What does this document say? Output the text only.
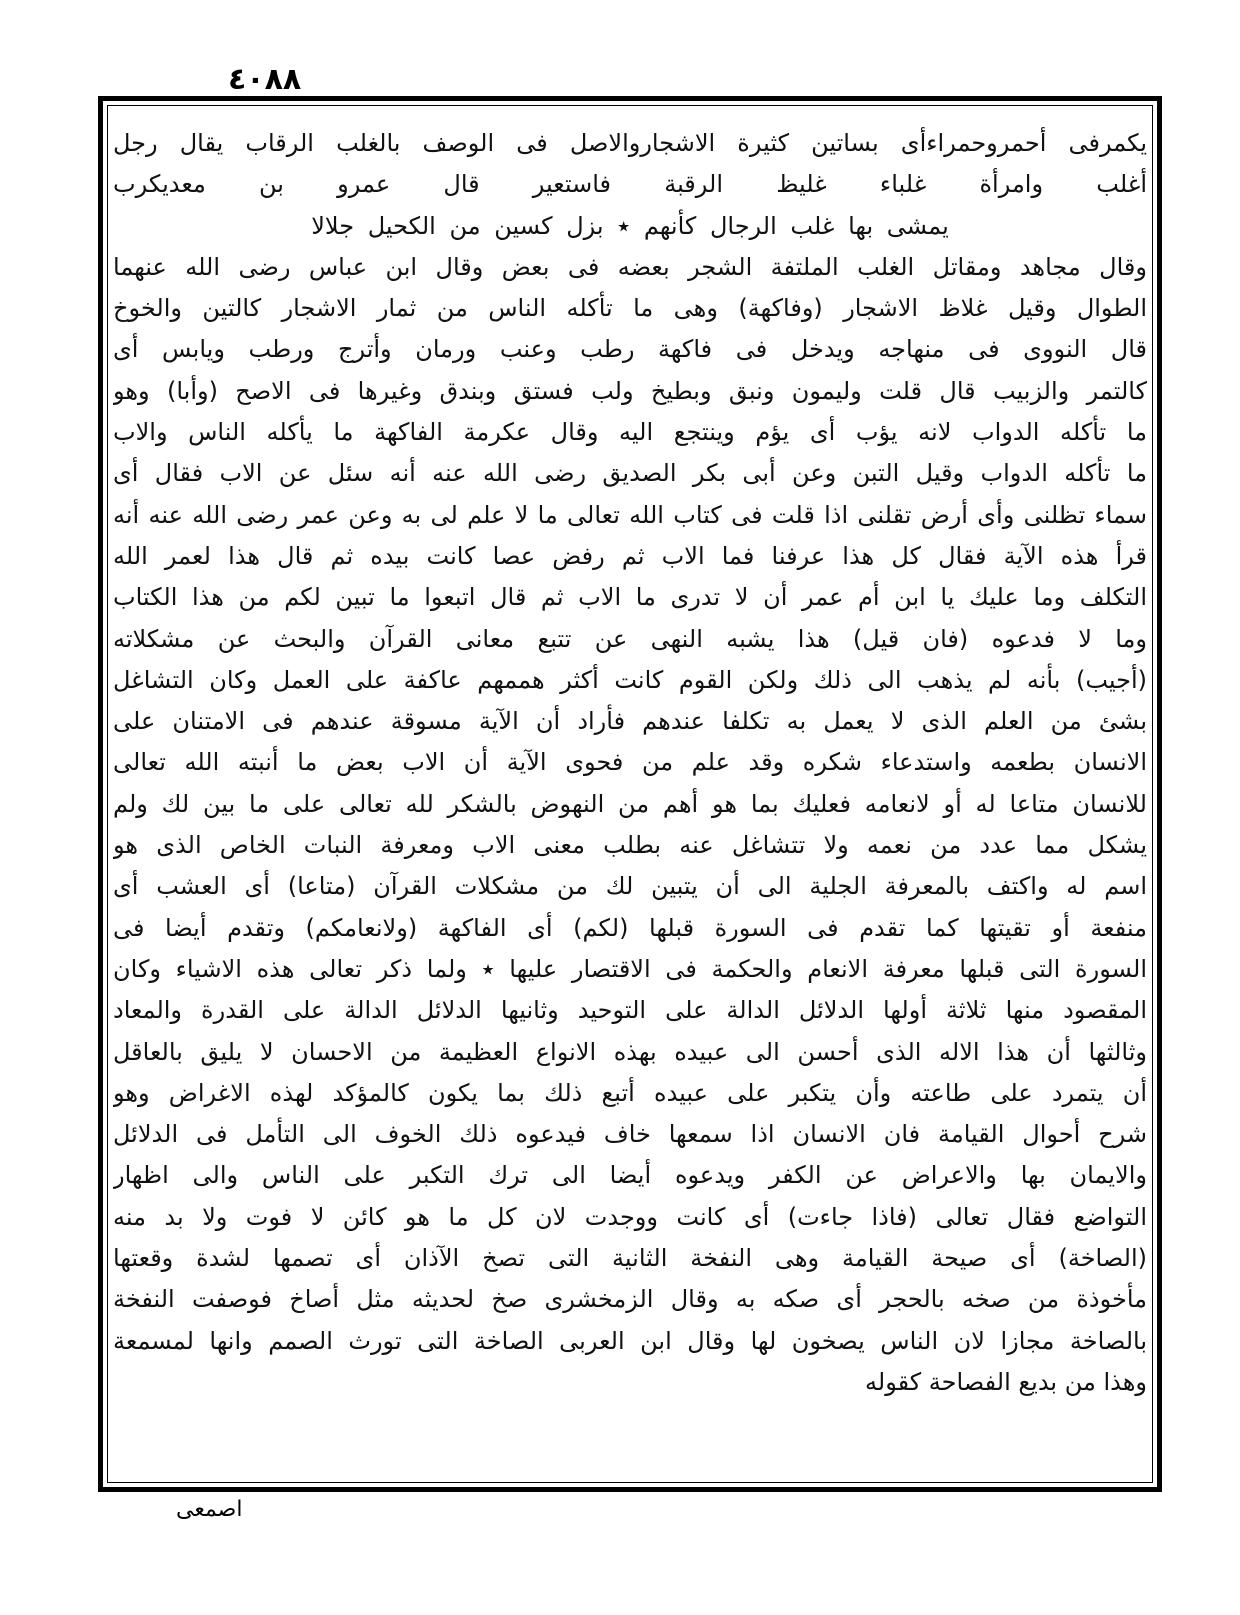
٤٠٨٨
يكمرفى أحمروحمراءأى بساتين كثيرة الاشجاروالاصل فى الوصف بالغلب الرقاب يقال رجل
أغلب وامرأة غلباء غليظ الرقبة فاستعير قال عمرو بن معديكرب
يمشى بها غلب الرجال كأنهم ٭ بزل كسين من الكحيل جلالا
وقال مجاهد ومقاتل الغلب الملتفة الشجر بعضه فى بعض وقال ابن عباس رضى الله عنهما
الطوال وقيل غلاظ الاشجار (وفاكهة) وهى ما تأكله الناس من ثمار الاشجار كالتين والخوخ
قال النووى فى منهاجه ويدخل فى فاكهة رطب وعنب ورمان وأترج ورطب ويابس أى
كالتمر والزبيب قال قلت وليمون ونبق وبطيخ ولب فستق وبندق وغيرها فى الاصح (وأبا) وهو
ما تأكله الدواب لانه يؤب أى يؤم وينتجع اليه وقال عكرمة الفاكهة ما يأكله الناس والاب
ما تأكله الدواب وقيل التبن وعن أبى بكر الصديق رضى الله عنه أنه سئل عن الاب فقال أى
سماء تظلنى وأى أرض تقلنى اذا قلت فى كتاب الله تعالى ما لا علم لى به وعن عمر رضى الله عنه أنه
قرأ هذه الآية فقال كل هذا عرفنا فما الاب ثم رفض عصا كانت بيده ثم قال هذا لعمر الله
التكلف وما عليك يا ابن أم عمر أن لا تدرى ما الاب ثم قال اتبعوا ما تبين لكم من هذا الكتاب
وما لا فدعوه (فان قيل) هذا يشبه النهى عن تتبع معانى القرآن والبحث عن مشكلاته
(أجيب) بأنه لم يذهب الى ذلك ولكن القوم كانت أكثر هممهم عاكفة على العمل وكان التشاغل
بشئ من العلم الذى لا يعمل به تكلفا عندهم فأراد أن الآية مسوقة عندهم فى الامتنان على
الانسان بطعمه واستدعاء شكره وقد علم من فحوى الآية أن الاب بعض ما أنبته الله تعالى
للانسان متاعا له أو لانعامه فعليك بما هو أهم من النهوض بالشكر لله تعالى على ما بين لك ولم
يشكل مما عدد من نعمه ولا تتشاغل عنه بطلب معنى الاب ومعرفة النبات الخاص الذى هو
اسم له واكتف بالمعرفة الجلية الى أن يتبين لك من مشكلات القرآن (متاعا) أى العشب أى
منفعة أو تقيتها كما تقدم فى السورة قبلها (لكم) أى الفاكهة (ولانعامكم) وتقدم أيضا فى
السورة التى قبلها معرفة الانعام والحكمة فى الاقتصار عليها ٭ ولما ذكر تعالى هذه الاشياء وكان
المقصود منها ثلاثة أولها الدلائل الدالة على التوحيد وثانيها الدلائل الدالة على القدرة والمعاد
وثالثها أن هذا الاله الذى أحسن الى عبيده بهذه الانواع العظيمة من الاحسان لا يليق بالعاقل
أن يتمرد على طاعته وأن يتكبر على عبيده أتبع ذلك بما يكون كالمؤكد لهذه الاغراض وهو
شرح أحوال القيامة فان الانسان اذا سمعها خاف فيدعوه ذلك الخوف الى التأمل فى الدلائل
والايمان بها والاعراض عن الكفر ويدعوه أيضا الى ترك التكبر على الناس والى اظهار
التواضع فقال تعالى (فاذا جاءت) أى كانت ووجدت لان كل ما هو كائن لا فوت ولا بد منه
(الصاخة) أى صيحة القيامة وهى النفخة الثانية التى تصخ الآذان أى تصمها لشدة وقعتها
مأخوذة من صخه بالحجر أى صكه به وقال الزمخشرى صخ لحديثه مثل أصاخ فوصفت النفخة
بالصاخة مجازا لان الناس يصخون لها وقال ابن العربى الصاخة التى تورث الصمم وانها لمسمعة
وهذا من بديع الفصاحة كقوله
اصمعى
